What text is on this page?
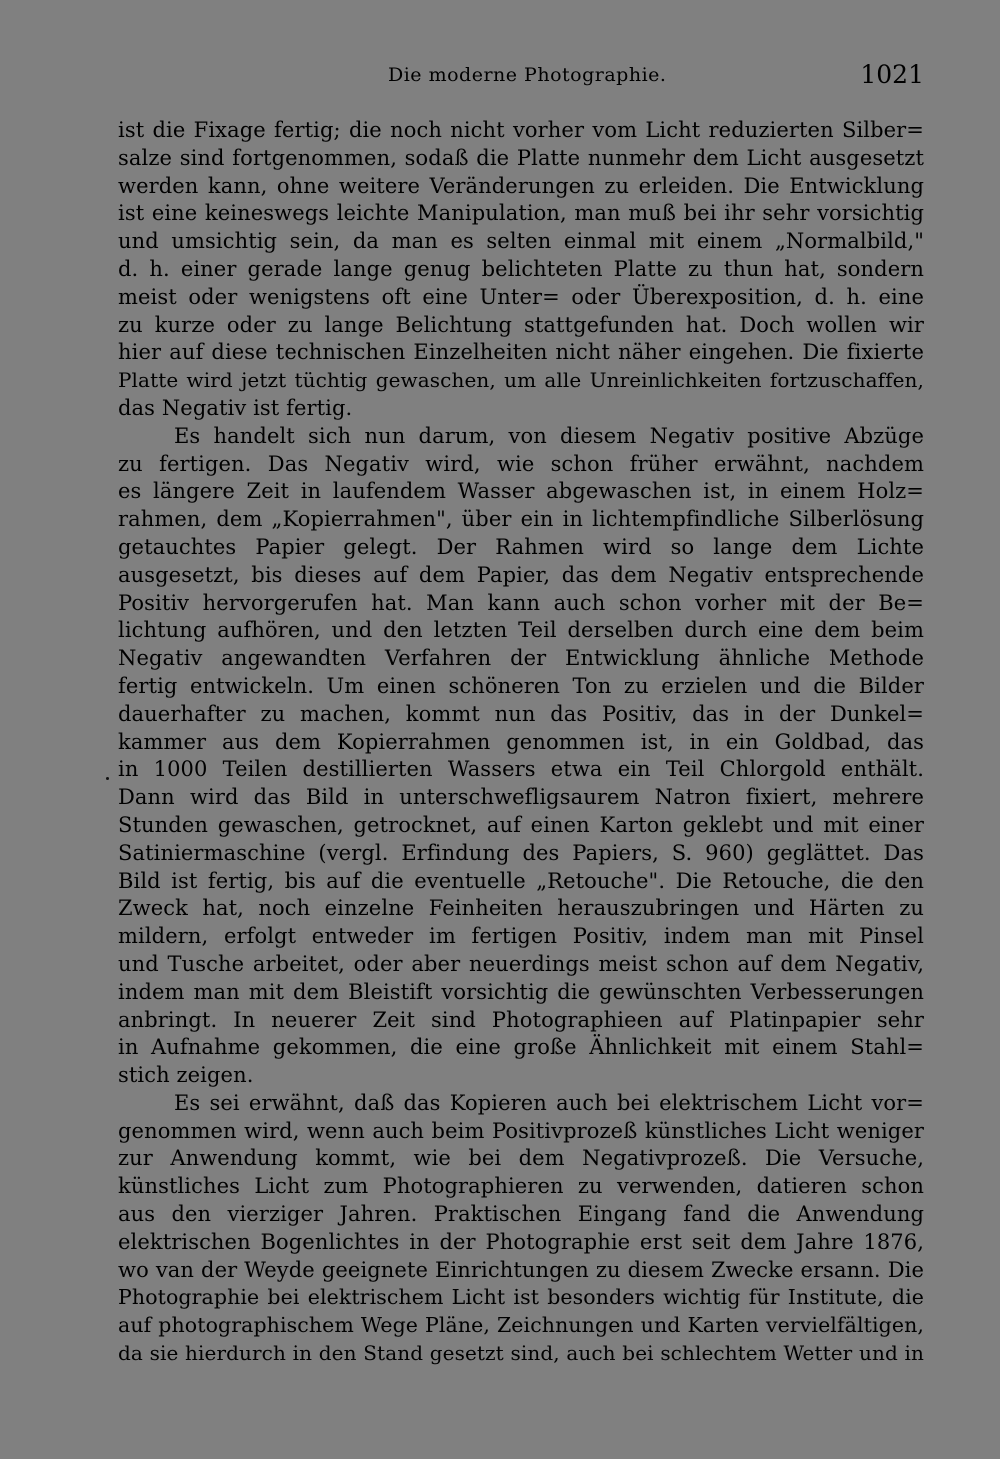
Die moderne Photographie.	1021
ist die Fixage fertig; die noch nicht vorher vom Licht reduzierten Silber=
salze sind fortgenommen, sodaß die Platte nunmehr dem Licht ausgesetzt
werden kann, ohne weitere Veränderungen zu erleiden. Die Entwicklung
ist eine keineswegs leichte Manipulation, man muß bei ihr sehr vorsichtig
und umsichtig sein, da man es selten einmal mit einem „Normalbild,"
d. h. einer gerade lange genug belichteten Platte zu thun hat, sondern
meist oder wenigstens oft eine Unter= oder Überexposition, d. h. eine
zu kurze oder zu lange Belichtung stattgefunden hat. Doch wollen wir
hier auf diese technischen Einzelheiten nicht näher eingehen. Die fixierte
Platte wird jetzt tüchtig gewaschen, um alle Unreinlichkeiten fortzuschaffen,
das Negativ ist fertig.
Es handelt sich nun darum, von diesem Negativ positive Abzüge
zu fertigen. Das Negativ wird, wie schon früher erwähnt, nachdem
es längere Zeit in laufendem Wasser abgewaschen ist, in einem Holz=
rahmen, dem „Kopierrahmen", über ein in lichtempfindliche Silberlösung
getauchtes Papier gelegt. Der Rahmen wird so lange dem Lichte
ausgesetzt, bis dieses auf dem Papier, das dem Negativ entsprechende
Positiv hervorgerufen hat. Man kann auch schon vorher mit der Be=
lichtung aufhören, und den letzten Teil derselben durch eine dem beim
Negativ angewandten Verfahren der Entwicklung ähnliche Methode
fertig entwickeln. Um einen schöneren Ton zu erzielen und die Bilder
dauerhafter zu machen, kommt nun das Positiv, das in der Dunkel=
kammer aus dem Kopierrahmen genommen ist, in ein Goldbad, das
in 1000 Teilen destillierten Wassers etwa ein Teil Chlorgold enthält.
Dann wird das Bild in unterschwefligsaurem Natron fixiert, mehrere
Stunden gewaschen, getrocknet, auf einen Karton geklebt und mit einer
Satiniermaschine (vergl. Erfindung des Papiers, S. 960) geglättet. Das
Bild ist fertig, bis auf die eventuelle „Retouche". Die Retouche, die den
Zweck hat, noch einzelne Feinheiten herauszubringen und Härten zu
mildern, erfolgt entweder im fertigen Positiv, indem man mit Pinsel
und Tusche arbeitet, oder aber neuerdings meist schon auf dem Negativ,
indem man mit dem Bleistift vorsichtig die gewünschten Verbesserungen
anbringt. In neuerer Zeit sind Photographieen auf Platinpapier sehr
in Aufnahme gekommen, die eine große Ähnlichkeit mit einem Stahl=
stich zeigen.
Es sei erwähnt, daß das Kopieren auch bei elektrischem Licht vor=
genommen wird, wenn auch beim Positivprozeß künstliches Licht weniger
zur Anwendung kommt, wie bei dem Negativprozeß. Die Versuche,
künstliches Licht zum Photographieren zu verwenden, datieren schon
aus den vierziger Jahren. Praktischen Eingang fand die Anwendung
elektrischen Bogenlichtes in der Photographie erst seit dem Jahre 1876,
wo van der Weyde geeignete Einrichtungen zu diesem Zwecke ersann. Die
Photographie bei elektrischem Licht ist besonders wichtig für Institute, die
auf photographischem Wege Pläne, Zeichnungen und Karten vervielfältigen,
da sie hierdurch in den Stand gesetzt sind, auch bei schlechtem Wetter und in
